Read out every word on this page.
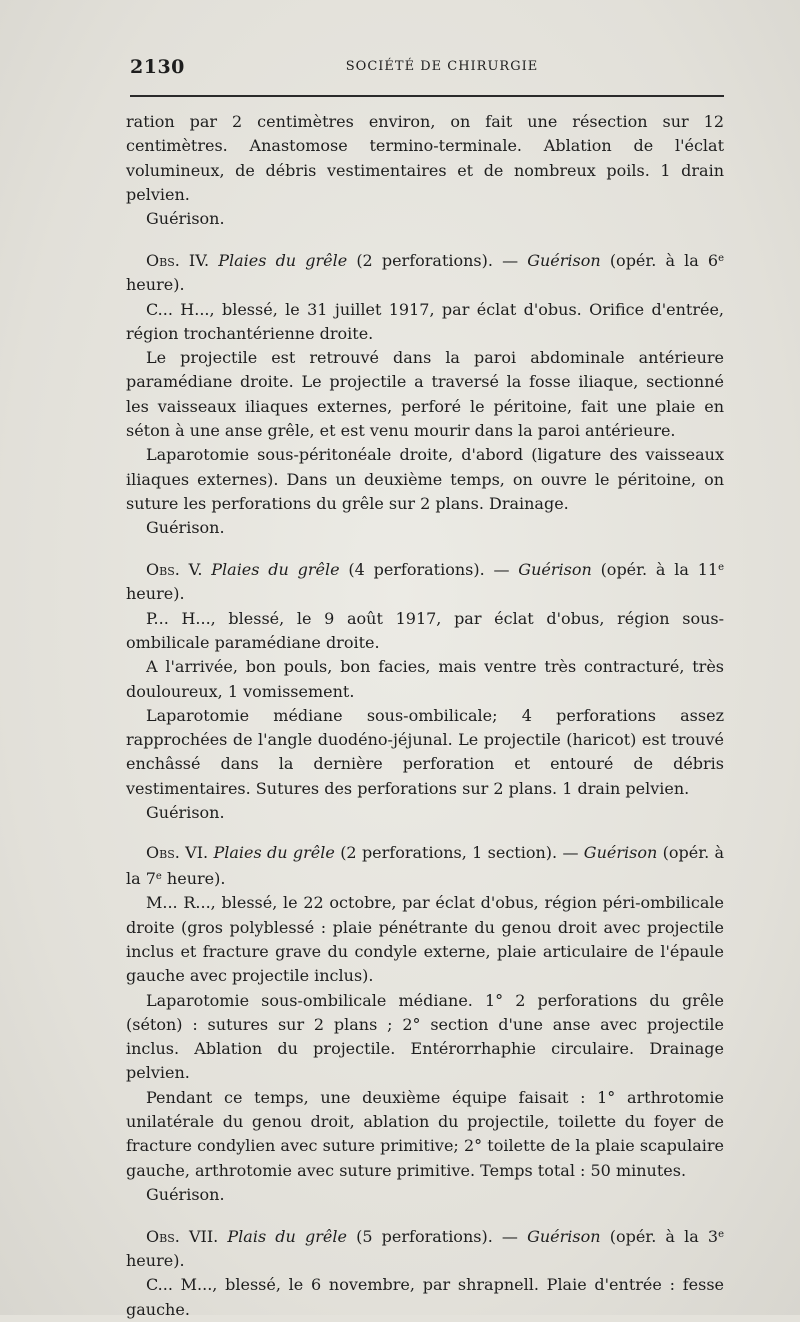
2130	SOCIÉTÉ DE CHIRURGIE

ration par 2 centimètres environ, on fait une résection sur 12 centimètres. Anastomose termino-terminale. Ablation de l'éclat volumineux, de débris vestimentaires et de nombreux poils. 1 drain pelvien.

Guérison.

Obs. IV. Plaies du grêle (2 perforations). — Guérison (opér. à la 6e heure).

C... H..., blessé, le 31 juillet 1917, par éclat d'obus. Orifice d'entrée, région trochantérienne droite.

Le projectile est retrouvé dans la paroi abdominale antérieure paramédiane droite. Le projectile a traversé la fosse iliaque, sectionné les vaisseaux iliaques externes, perforé le péritoine, fait une plaie en séton à une anse grêle, et est venu mourir dans la paroi antérieure.

Laparotomie sous-péritonéale droite, d'abord (ligature des vaisseaux iliaques externes). Dans un deuxième temps, on ouvre le péritoine, on suture les perforations du grêle sur 2 plans. Drainage.

Guérison.

Obs. V. Plaies du grêle (4 perforations). — Guérison (opér. à la 11e heure).

P... H..., blessé, le 9 août 1917, par éclat d'obus, région sous-ombilicale paramédiane droite.

A l'arrivée, bon pouls, bon facies, mais ventre très contracturé, très douloureux, 1 vomissement.

Laparotomie médiane sous-ombilicale; 4 perforations assez rapprochées de l'angle duodéno-jéjunal. Le projectile (haricot) est trouvé enchâssé dans la dernière perforation et entouré de débris vestimentaires. Sutures des perforations sur 2 plans. 1 drain pelvien.

Guérison.

Obs. VI. Plaies du grêle (2 perforations, 1 section). — Guérison (opér. à la 7e heure).

M... R..., blessé, le 22 octobre, par éclat d'obus, région péri-ombilicale droite (gros polyblessé : plaie pénétrante du genou droit avec projectile inclus et fracture grave du condyle externe, plaie articulaire de l'épaule gauche avec projectile inclus).

Laparotomie sous-ombilicale médiane. 1° 2 perforations du grêle (séton) : sutures sur 2 plans ; 2° section d'une anse avec projectile inclus. Ablation du projectile. Entérorrhaphie circulaire. Drainage pelvien.

Pendant ce temps, une deuxième équipe faisait : 1° arthrotomie unilatérale du genou droit, ablation du projectile, toilette du foyer de fracture condylien avec suture primitive; 2° toilette de la plaie scapulaire gauche, arthrotomie avec suture primitive. Temps total : 50 minutes.

Guérison.

Obs. VII. Plais du grêle (5 perforations). — Guérison (opér. à la 3e heure).

C... M..., blessé, le 6 novembre, par shrapnell. Plaie d'entrée : fesse gauche.
